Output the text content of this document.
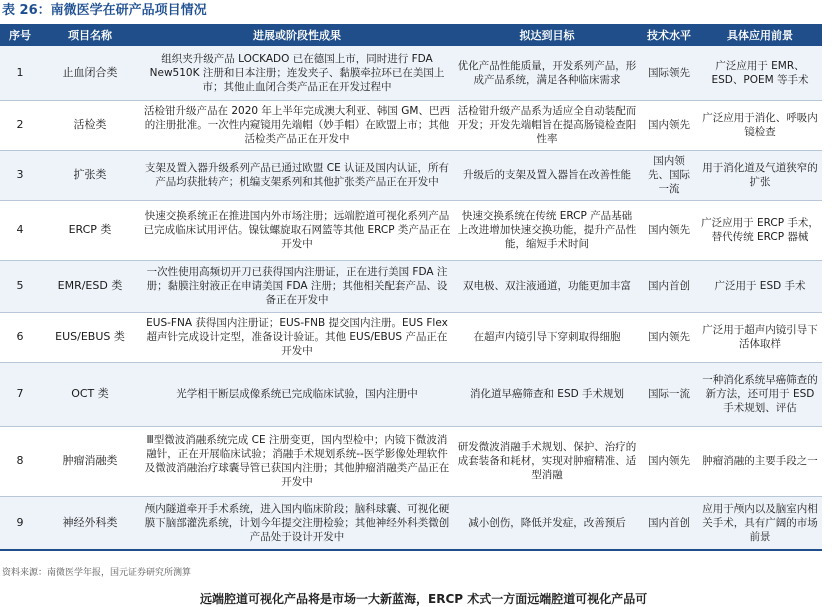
表 26：南微医学在研产品项目情况
序号	项目名称	进展或阶段性成果	拟达到目标	技术水平	具体应用前景
1	止血闭合类	组织夹升级产品 LOCKADO 已在德国上市，同时进行 FDA New510K 注册和日本注册；连发夹子、黏膜牵拉环已在美国上市；其他止血闭合类产品正在开发过程中	优化产品性能质量，开发系列产品，形成产品系统，满足各种临床需求	国际领先	广泛应用于 EMR、ESD、POEM 等手术
2	活检类	活检钳升级产品在 2020 年上半年完成澳大利亚、韩国 GM、巴西的注册批准。一次性内窥镜用先端帽（妙手帽）在欧盟上市；其他活检类产品正在开发中	活检钳升级产品系为适应全自动装配而开发；开发先端帽旨在提高肠镜检查阳性率	国内领先	广泛应用于消化、呼吸内镜检查
3	扩张类	支架及置入器升级系列产品已通过欧盟 CE 认证及国内认证，所有产品均获批转产；机编支架系列和其他扩张类产品正在开发中	升级后的支架及置入器旨在改善性能	国内领先、国际一流	用于消化道及气道狭窄的扩张
4	ERCP 类	快速交换系统正在推进国内外市场注册；远端腔道可视化系列产品已完成临床试用评估。镍钛螺旋取石网篮等其他 ERCP 类产品正在开发中	快速交换系统在传统 ERCP 产品基础上改进增加快速交换功能，提升产品性能，缩短手术时间	国内领先	广泛应用于 ERCP 手术，替代传统 ERCP 器械
5	EMR/ESD 类	一次性使用高频切开刀已获得国内注册证，正在进行美国 FDA 注册；黏膜注射液正在申请美国 FDA 注册；其他相关配套产品、设备正在开发中	双电极、双注液通道，功能更加丰富	国内首创	广泛用于 ESD 手术
6	EUS/EBUS 类	EUS-FNA 获得国内注册证；EUS-FNB 提交国内注册。EUS Flex 超声针完成设计定型，准备设计验证。其他 EUS/EBUS 产品正在开发中	在超声内镜引导下穿刺取得细胞	国内领先	广泛用于超声内镜引导下活体取样
7	OCT 类	光学相干断层成像系统已完成临床试验，国内注册中	消化道早癌筛查和 ESD 手术规划	国际一流	一种消化系统早癌筛查的新方法，还可用于 ESD 手术规划、评估
8	肿瘤消融类	Ⅲ型微波消融系统完成 CE 注册变更，国内型检中；内镜下微波消融针，正在开展临床试验；消融手术规划系统--医学影像处理软件及微波消融治疗球囊导管已获国内注册；其他肿瘤消融类产品正在开发中	研发微波消融手术规划、保护、治疗的成套装备和耗材，实现对肿瘤精准、适型消融	国内领先	肿瘤消融的主要手段之一
9	神经外科类	颅内隧道牵开手术系统，进入国内临床阶段；脑科球囊、可视化硬膜下脑部灌洗系统，计划今年提交注册检验；其他神经外科类微创产品处于设计开发中	减小创伤，降低并发症，改善预后	国内首创	应用于颅内以及脑室内相关手术，具有广阔的市场前景
资料来源：南微医学年报，国元证券研究所测算
远端腔道可视化产品将是市场一大新蓝海，ERCP 术式一方面远端腔道可视化产品可
